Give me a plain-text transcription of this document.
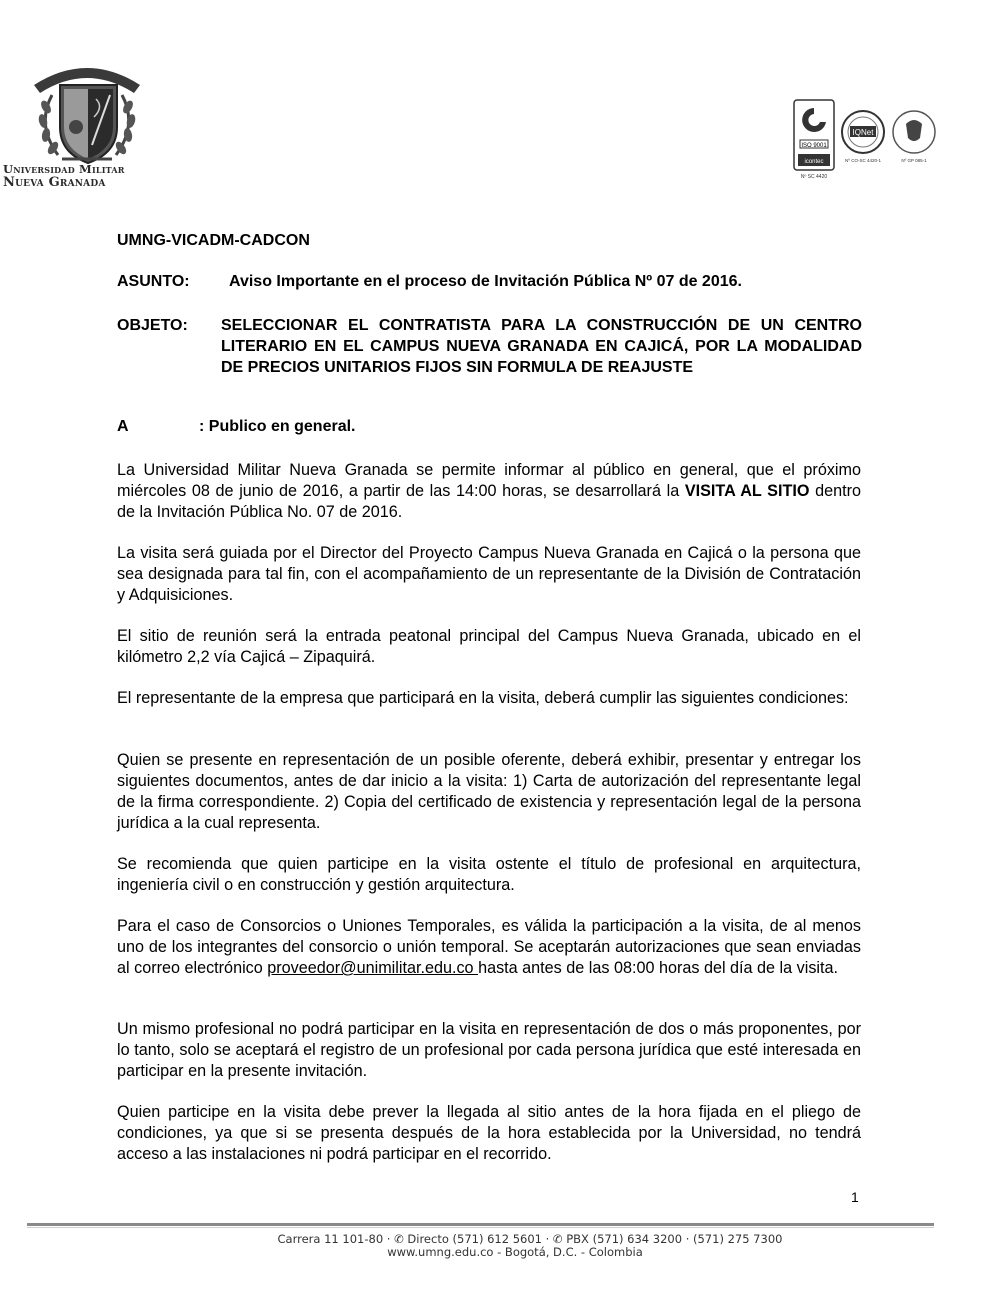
Universidad Militar
Nueva Granada
ISO 9001
icontec
Nº SC 4420
IQNet
Nº CO-SC 4420-1	Nº GP 085-1
UMNG-VICADM-CADCON
ASUNTO: Aviso Importante en el proceso de Invitación Pública Nº 07 de 2016.
OBJETO: SELECCIONAR EL CONTRATISTA PARA LA CONSTRUCCIÓN DE UN CENTRO LITERARIO EN EL CAMPUS NUEVA GRANADA EN CAJICÁ, POR LA MODALIDAD DE PRECIOS UNITARIOS FIJOS SIN FORMULA DE REAJUSTE
A	: Publico en general.
La Universidad Militar Nueva Granada se permite informar al público en general, que el próximo miércoles 08 de junio de 2016, a partir de las 14:00 horas, se desarrollará la VISITA AL SITIO dentro de la Invitación Pública No. 07 de 2016.
La visita será guiada por el Director del Proyecto Campus Nueva Granada en Cajicá o la persona que sea designada para tal fin, con el acompañamiento de un representante de la División de Contratación y Adquisiciones.
El sitio de reunión será la entrada peatonal principal del Campus Nueva Granada, ubicado en el kilómetro 2,2 vía Cajicá – Zipaquirá.
El representante de la empresa que participará en la visita, deberá cumplir las siguientes condiciones:
Quien se presente en representación de un posible oferente, deberá exhibir, presentar y entregar los siguientes documentos, antes de dar inicio a la visita: 1) Carta de autorización del representante legal de la firma correspondiente. 2) Copia del certificado de existencia y representación legal de la persona jurídica a la cual representa.
Se recomienda que quien participe en la visita ostente el título de profesional en arquitectura, ingeniería civil o en construcción y gestión arquitectura.
Para el caso de Consorcios o Uniones Temporales, es válida la participación a la visita, de al menos uno de los integrantes del consorcio o unión temporal. Se aceptarán autorizaciones que sean enviadas al correo electrónico proveedor@unimilitar.edu.co hasta antes de las 08:00 horas del día de la visita.
Un mismo profesional no podrá participar en la visita en representación de dos o más proponentes, por lo tanto, solo se aceptará el registro de un profesional por cada persona jurídica que esté interesada en participar en la presente invitación.
Quien participe en la visita debe prever la llegada al sitio antes de la hora fijada en el pliego de condiciones, ya que si se presenta después de la hora establecida por la Universidad, no tendrá acceso a las instalaciones ni podrá participar en el recorrido.
1
Carrera 11 101-80 · ✆ Directo (571) 612 5601 · ✆ PBX (571) 634 3200 · (571) 275 7300
www.umng.edu.co - Bogotá, D.C. - Colombia
